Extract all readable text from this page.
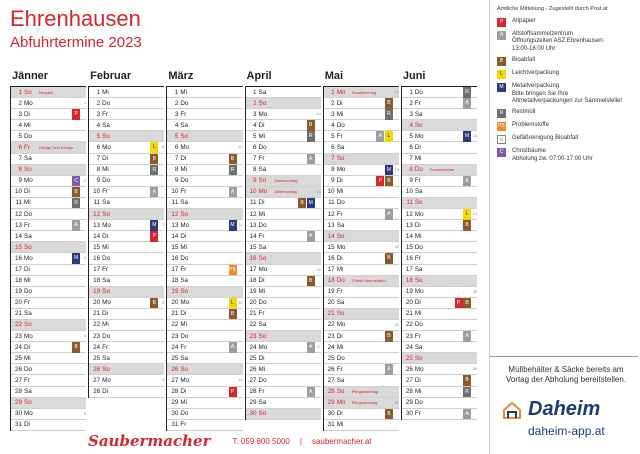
Ehrenhausen
Abfuhrtermine 2023
Jänner
1 So	Neujahr
2 Mo	1
3 Di	P
4 Mi
5 Do
6 Fr	Heilige Drei Könige
7 Sa
8 So
9 Mo	C	2
10 Di	B
11 Mi	R
12 Do
13 Fr	A
14 Sa
15 So
16 Mo	M	3
17 Di
18 Mi
19 Do
20 Fr
21 Sa
22 So
23 Mo	4
24 Di	B
25 Mi
26 Do
27 Fr
28 Sa
29 So
30 Mo	5
31 Di
Februar
1 Mi
2 Do
3 Fr
4 Sa
5 So
6 Mo	L	6
7 Di	B
8 Mi	R
9 Do
10 Fr	A
11 Sa
12 So
13 Mo	M	7
14 Di	P
15 Mi
16 Do
17 Fr
18 Sa
19 So
20 Mo	B	8
21 Di
22 Mi
23 Do
24 Fr
25 Sa
26 So
27 Mo	9
28 Di
März
1 Mi
2 Do
3 Fr
4 Sa
5 So
6 Mo	10
7 Di	B
8 Mi	R
9 Do
10 Fr	A
11 Sa
12 So
13 Mo	M	11
14 Di
15 Mi
16 Do
17 Fr	PS
18 Sa
19 So
20 Mo	L	12
21 Di	B
22 Mi
23 Do
24 Fr	A
25 Sa
26 So
27 Mo	13
28 Di	P
29 Mi
30 Do
31 Fr
April
1 Sa
2 So
3 Mo	14
4 Di	B
5 Mi	R
6 Do
7 Fr	A
8 Sa
9 So	Ostersonntag
10 Mo	Ostermontag	15
11 Di	B M
12 Mi
13 Do
14 Fr	A
15 Sa
16 So
17 Mo	16
18 Di	B
19 Mi
20 Do
21 Fr
22 Sa
23 So
24 Mo	A	17
25 Di
26 Mi
27 Do
28 Fr	A
29 Sa
30 So
Mai
1 Mo	Staatsfeiertag	18
2 Di	B
3 Mi	R
4 Do
5 Fr	A	L
6 Sa
7 So
8 Mo	M 19
9 Di	P	B
10 Mi
11 Do
12 Fr	A
13 Sa
14 So
15 Mo	20
16 Di	B
17 Mi
18 Do	Christi Himmelfahrt
19 Fr
20 Sa
21 So
22 Mo	21
23 Di	B
24 Mi
25 Do
26 Fr	A
27 Sa
28 So	Pfingstsonntag
29 Mo	Pfingstmontag	22
30 Di	B
31 Mi
Juni
1 Do	R
2 Fr	A
3 Sa
4 So
5 Mo	M 23
6 Di
7 Mi
8 Do	Fronleichnam
9 Fr	A
10 Sa
11 So
12 Mo	L	24
13 Di	B
14 Mi
15 Do
16 Fr
17 Sa
18 So
19 Mo	25
20 Di	P	B
21 Mi
22 Do
23 Fr	A
24 Sa
25 So
26 Mo	26
27 Di	B
28 Mi	R
29 Do
30 Fr	A
Amtliche Mitteilung - Zugestellt durch Post.at
P	Altpapier
A	Altstoffsammelzentrum
Öffnungszeiten ASZ Ehrenhausen:
13:00-18:00 Uhr
B	Bioabfall
L	Leichtverpackung
M	Metallverpackung
Bitte bringen Sie Ihre
Altmetallverpackungen zur Sammelstelle!
R	Restmüll
PS Problemstoffe
⊙	Gefäßreinigung Bioabfall
C	Christbäume
Abholung zw. 07:00-17:00 Uhr
Müllbehälter & Säcke bereits am Vortag der Abholung bereitstellen.
Daheim
daheim-app.at
Saubermacher	T: 059 800 5000 | saubermacher.at
